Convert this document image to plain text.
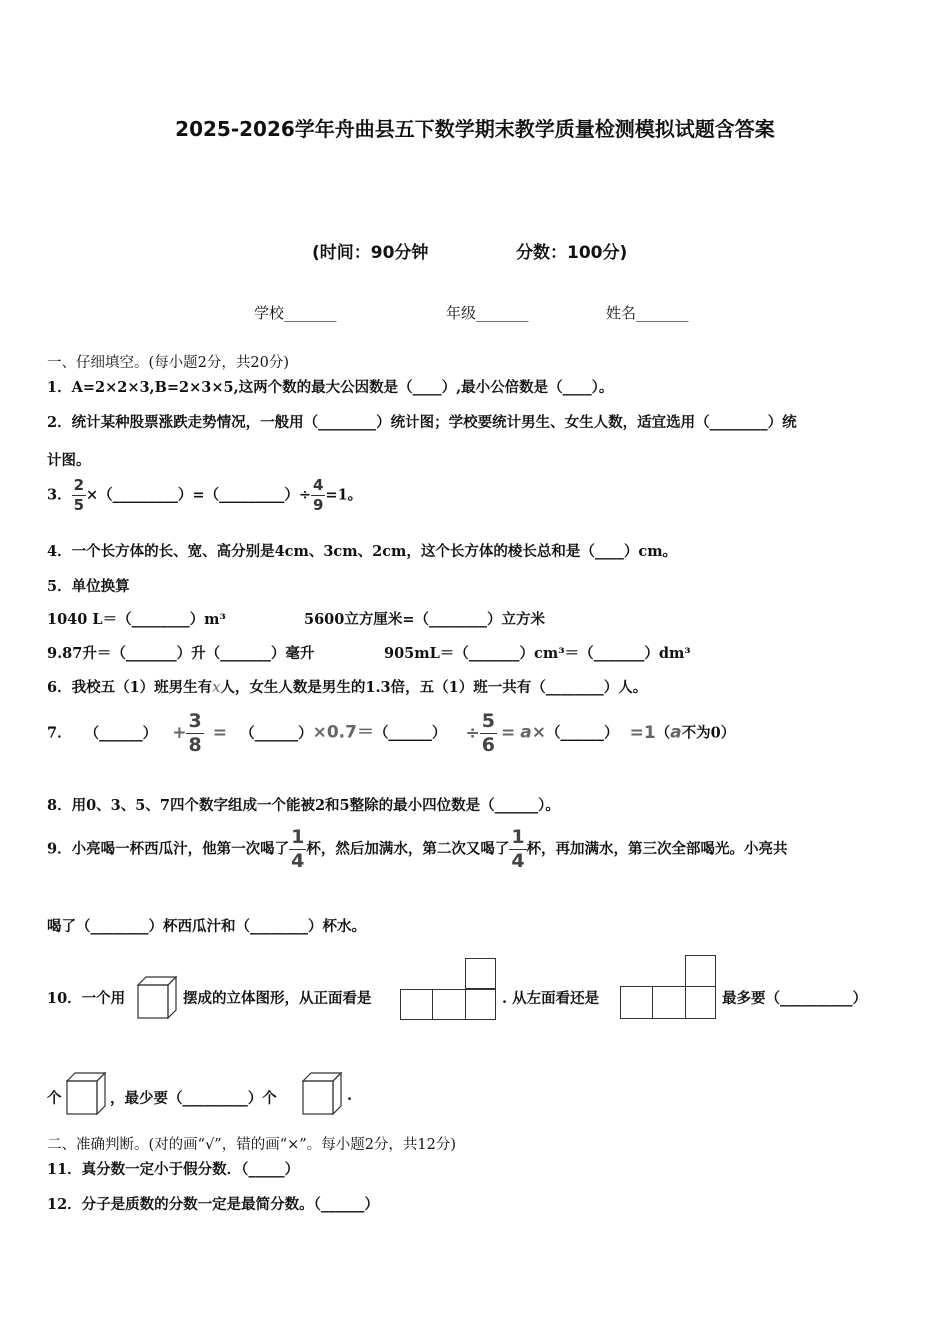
2025-2026学年舟曲县五下数学期末教学质量检测模拟试题含答案
(时间：90分钟	分数：100分)
学校_______	年级_______	姓名_______
一、仔细填空。(每小题2分，共20分)
1．A=2×2×3,B=2×3×5,这两个数的最大公因数是（____）,最小公倍数是（____）。
2．统计某种股票涨跌走势情况，一般用（________）统计图；学校要统计男生、女生人数，适宜选用（________）统
计图。
3． $\frac{2}{5}$ ×（_________）=（_________）÷ $\frac{4}{9} =1$。
4．一个长方体的长、宽、高分别是4cm、3cm、2cm，这个长方体的棱长总和是（____）cm。
5．单位换算
1040 L＝（________）m³	5600立方厘米=（________）立方米
9.87升＝（_______）升（_______）毫升	905mL＝（_______）cm³＝（_______）dm³
6．我校五（1）班男生有x人，女生人数是男生的1.3倍，五（1）班一共有（________）人。
7． （______） + $\frac{3}{8}$ = （______）×0.7＝（______） ÷ $\frac{5}{6}$ = a×（______） =1（a不为0）
8．用0、3、5、7四个数字组成一个能被2和5整除的最小四位数是（______）。
9．小亮喝一杯西瓜汁，他第一次喝了 $\frac{1}{4}$ 杯，然后加满水，第二次又喝了 $\frac{1}{4}$ 杯，再加满水，第三次全部喝光。小亮共
喝了（________）杯西瓜汁和（________）杯水。
10．一个用	摆成的立体图形，从正面看是	. 从左面看还是	最多要（__________）
个	，最少要（_________）个	.
二、准确判断。(对的画“√”，错的画“×”。每小题2分，共12分)
11．真分数一定小于假分数．（_____）
12．分子是质数的分数一定是最简分数。（______）
